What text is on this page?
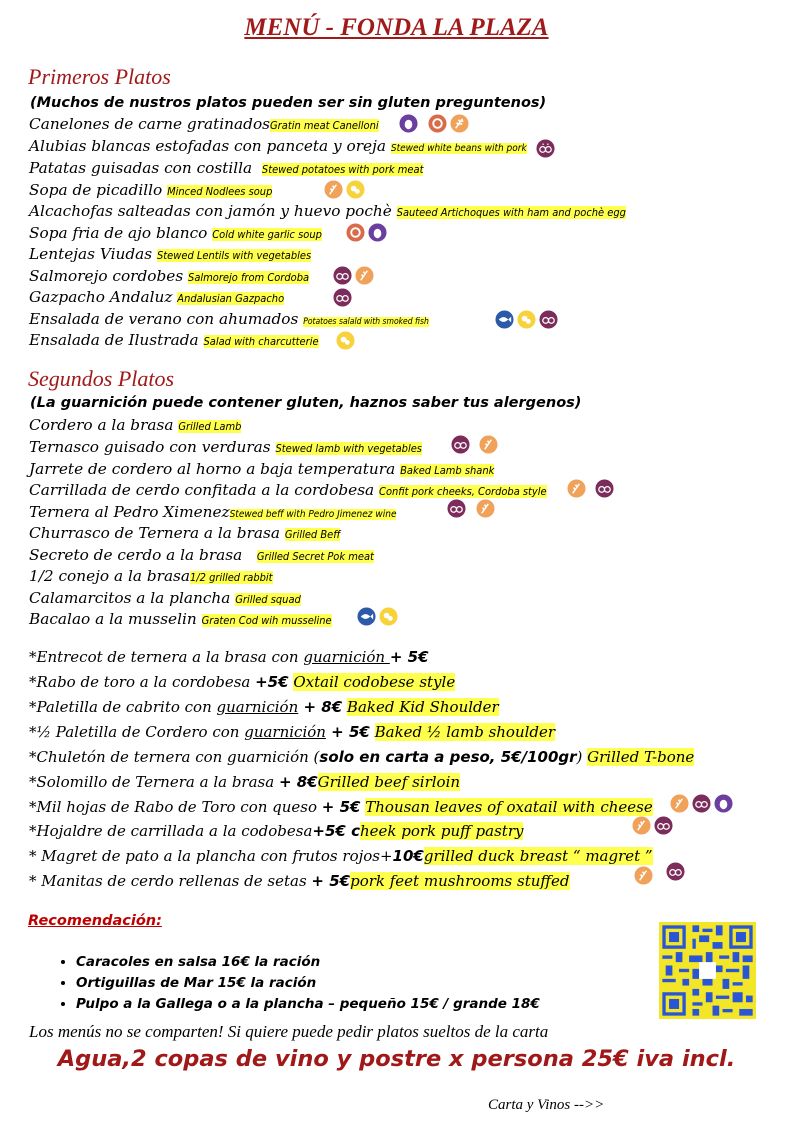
MENÚ - FONDA LA PLAZA
Primeros Platos
(Muchos de nustros platos pueden ser sin gluten preguntenos)
Canelones de carne gratinadosGratin meat Canelloni
Alubias blancas estofadas con panceta y oreja Stewed white beans with pork
Patatas guisadas con costilla Stewed potatoes with pork meat
Sopa de picadillo Minced Nodlees soup
Alcachofas salteadas con jamón y huevo pochè Sauteed Artichoques with ham and pochè egg
Sopa fria de ajo blanco Cold white garlic soup
Lentejas Viudas Stewed Lentils with vegetables
Salmorejo cordobes Salmorejo from Cordoba
Gazpacho Andaluz Andalusian Gazpacho
Ensalada de verano con ahumados Potatoes salald with smoked fish
Ensalada de Ilustrada Salad with charcutterie
Segundos Platos
(La guarnición puede contener gluten, haznos saber tus alergenos)
Cordero a la brasa Grilled Lamb
Ternasco guisado con verduras Stewed lamb with vegetables
Jarrete de cordero al horno a baja temperatura Baked Lamb shank
Carrillada de cerdo confitada a la cordobesa Confit pork cheeks, Cordoba style
Ternera al Pedro XimenezStewed beff with Pedro Jimenez wine
Churrasco de Ternera a la brasa Grilled Beff
Secreto de cerdo a la brasa Grilled Secret Pok meat
1/2 conejo a la brasa1/2 grilled rabbit
Calamarcitos a la plancha Grilled squad
Bacalao a la musselin Graten Cod wih musseline
*Entrecot de ternera a la brasa con guarnición + 5€
*Rabo de toro a la cordobesa +5€ Oxtail codobese style
*Paletilla de cabrito con guarnición + 8€ Baked Kid Shoulder
*½ Paletilla de Cordero con guarnición + 5€ Baked ½ lamb shoulder
*Chuletón de ternera con guarnición (solo en carta a peso, 5€/100gr) Grilled T-bone
*Solomillo de Ternera a la brasa + 8€Grilled beef sirloin
*Mil hojas de Rabo de Toro con queso + 5€ Thousan leaves of oxatail with cheese
*Hojaldre de carrillada a la codobesa+5€ cheek pork puff pastry
* Magret de pato a la plancha con frutos rojos+10€grilled duck breast “ magret ”
* Manitas de cerdo rellenas de setas + 5€pork feet mushrooms stuffed
Recomendación:
• Caracoles en salsa 16€ la ración
• Ortiguillas de Mar 15€ la ración
• Pulpo a la Gallega o a la plancha – pequeño 15€ / grande 18€
Los menús no se comparten! Si quiere puede pedir platos sueltos de la carta
Agua,2 copas de vino y postre x persona 25€ iva incl.
Carta y Vinos -->>
